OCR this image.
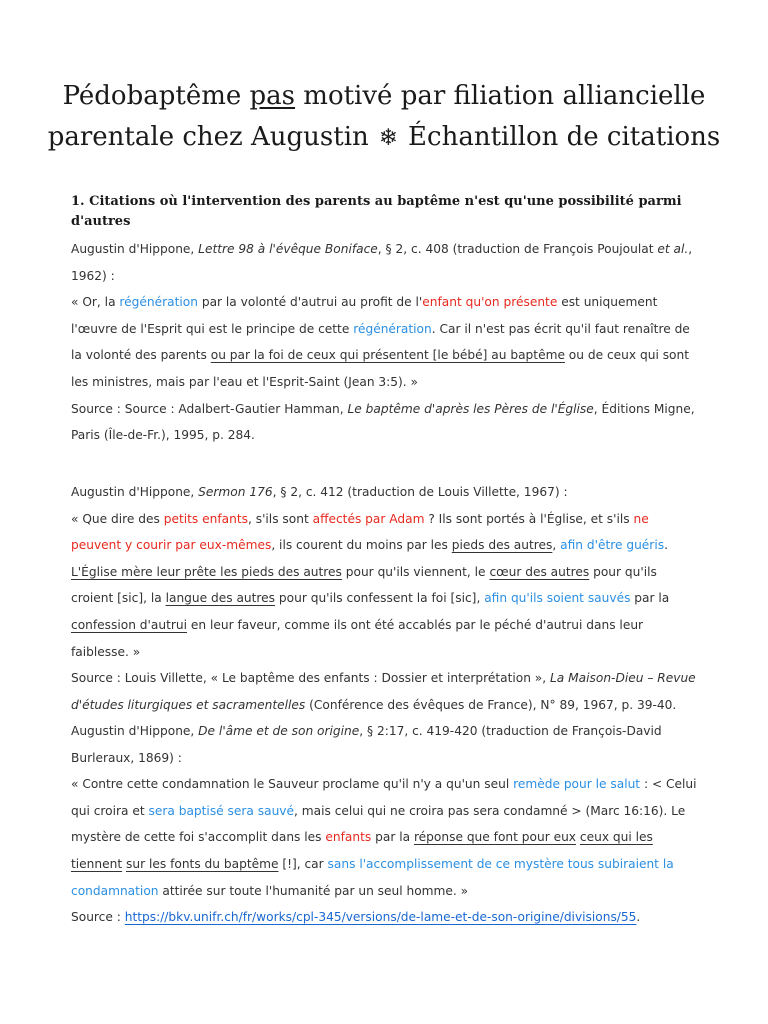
Pédobaptême pas motivé par filiation alliancielle parentale chez Augustin ❄ Échantillon de citations
1. Citations où l'intervention des parents au baptême n'est qu'une possibilité parmi d'autres

Augustin d'Hippone, Lettre 98 à l'évêque Boniface, § 2, c. 408 (traduction de François Poujoulat et al., 1962) :

« Or, la régénération par la volonté d'autrui au profit de l'enfant qu'on présente est uniquement l'œuvre de l'Esprit qui est le principe de cette régénération. Car il n'est pas écrit qu'il faut renaître de la volonté des parents ou par la foi de ceux qui présentent [le bébé] au baptême ou de ceux qui sont les ministres, mais par l'eau et l'Esprit-Saint (Jean 3:5). »

Source : Source : Adalbert-Gautier Hamman, Le baptême d'après les Pères de l'Église, Éditions Migne, Paris (Île-de-Fr.), 1995, p. 284.

Augustin d'Hippone, Sermon 176, § 2, c. 412 (traduction de Louis Villette, 1967) :

« Que dire des petits enfants, s'ils sont affectés par Adam ? Ils sont portés à l'Église, et s'ils ne peuvent y courir par eux-mêmes, ils courent du moins par les pieds des autres, afin d'être guéris. L'Église mère leur prête les pieds des autres pour qu'ils viennent, le cœur des autres pour qu'ils croient [sic], la langue des autres pour qu'ils confessent la foi [sic], afin qu'ils soient sauvés par la confession d'autrui en leur faveur, comme ils ont été accablés par le péché d'autrui dans leur faiblesse. »

Source : Louis Villette, « Le baptême des enfants : Dossier et interprétation », La Maison-Dieu – Revue d'études liturgiques et sacramentelles (Conférence des évêques de France), N° 89, 1967, p. 39-40.

Augustin d'Hippone, De l'âme et de son origine, § 2:17, c. 419-420 (traduction de François-David Burleraux, 1869) :

« Contre cette condamnation le Sauveur proclame qu'il n'y a qu'un seul remède pour le salut : < Celui qui croira et sera baptisé sera sauvé, mais celui qui ne croira pas sera condamné > (Marc 16:16). Le mystère de cette foi s'accomplit dans les enfants par la réponse que font pour eux ceux qui les tiennent sur les fonts du baptême [!], car sans l'accomplissement de ce mystère tous subiraient la condamnation attirée sur toute l'humanité par un seul homme. »

Source : https://bkv.unifr.ch/fr/works/cpl-345/versions/de-lame-et-de-son-origine/divisions/55.
